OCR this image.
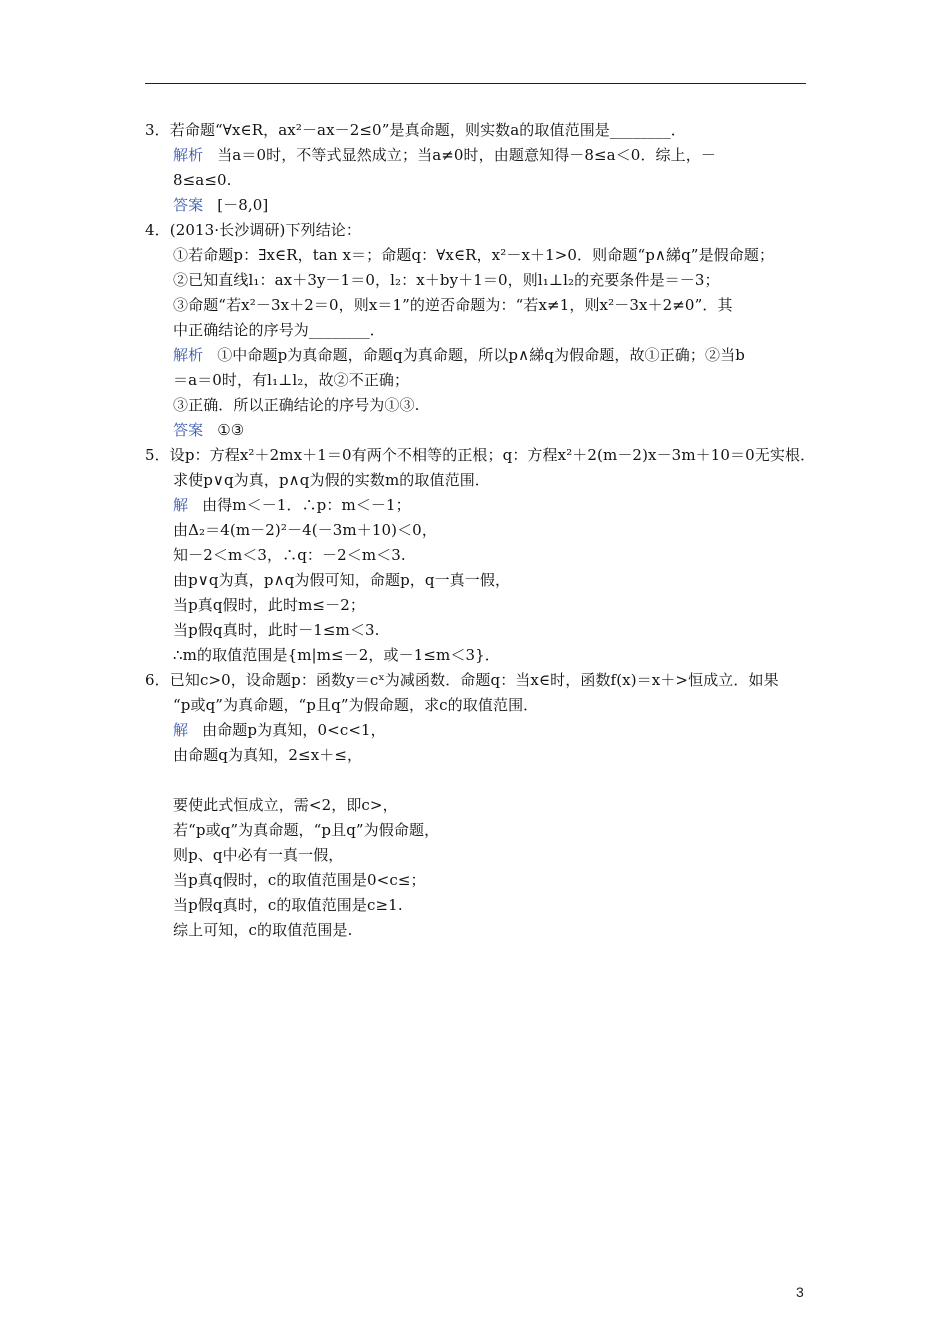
3．若命题“∀x∈R，ax²－ax－2≤0”是真命题，则实数a的取值范围是________．
解析 当a＝0时，不等式显然成立；当a≠0时，由题意知得－8≤a＜0．综上，－
8≤a≤0.
答案 [－8,0]
4．(2013·长沙调研)下列结论：
①若命题p：∃x∈R，tan x＝；命题q：∀x∈R，x²－x＋1>0．则命题“p∧綈q”是假命题；
②已知直线l₁：ax＋3y－1＝0，l₂：x＋by＋1＝0，则l₁⊥l₂的充要条件是＝－3；
③命题“若x²－3x＋2＝0，则x＝1”的逆否命题为：“若x≠1，则x²－3x＋2≠0”．其
中正确结论的序号为________．
解析 ①中命题p为真命题，命题q为真命题，所以p∧綈q为假命题，故①正确；②当b
＝a＝0时，有l₁⊥l₂，故②不正确；
③正确．所以正确结论的序号为①③.
答案 ①③
5．设p：方程x²＋2mx＋1＝0有两个不相等的正根；q：方程x²＋2(m－2)x－3m＋10＝0无实根．
求使p∨q为真，p∧q为假的实数m的取值范围．
解 由得m＜－1．∴p：m＜－1；
由Δ₂＝4(m－2)²－4(－3m＋10)＜0，
知－2＜m＜3，∴q：－2＜m＜3.
由p∨q为真，p∧q为假可知，命题p，q一真一假，
当p真q假时，此时m≤－2；
当p假q真时，此时－1≤m＜3.
∴m的取值范围是{m|m≤－2，或－1≤m＜3}．
6．已知c>0，设命题p：函数y＝cˣ为减函数．命题q：当x∈时，函数f(x)＝x＋>恒成立．如果
“p或q”为真命题，“p且q”为假命题，求c的取值范围．
解 由命题p为真知，0<c<1，
由命题q为真知，2≤x＋≤，
要使此式恒成立，需<2，即c>，
若“p或q”为真命题，“p且q”为假命题，
则p、q中必有一真一假，
当p真q假时，c的取值范围是0<c≤；
当p假q真时，c的取值范围是c≥1.
综上可知，c的取值范围是.
3
